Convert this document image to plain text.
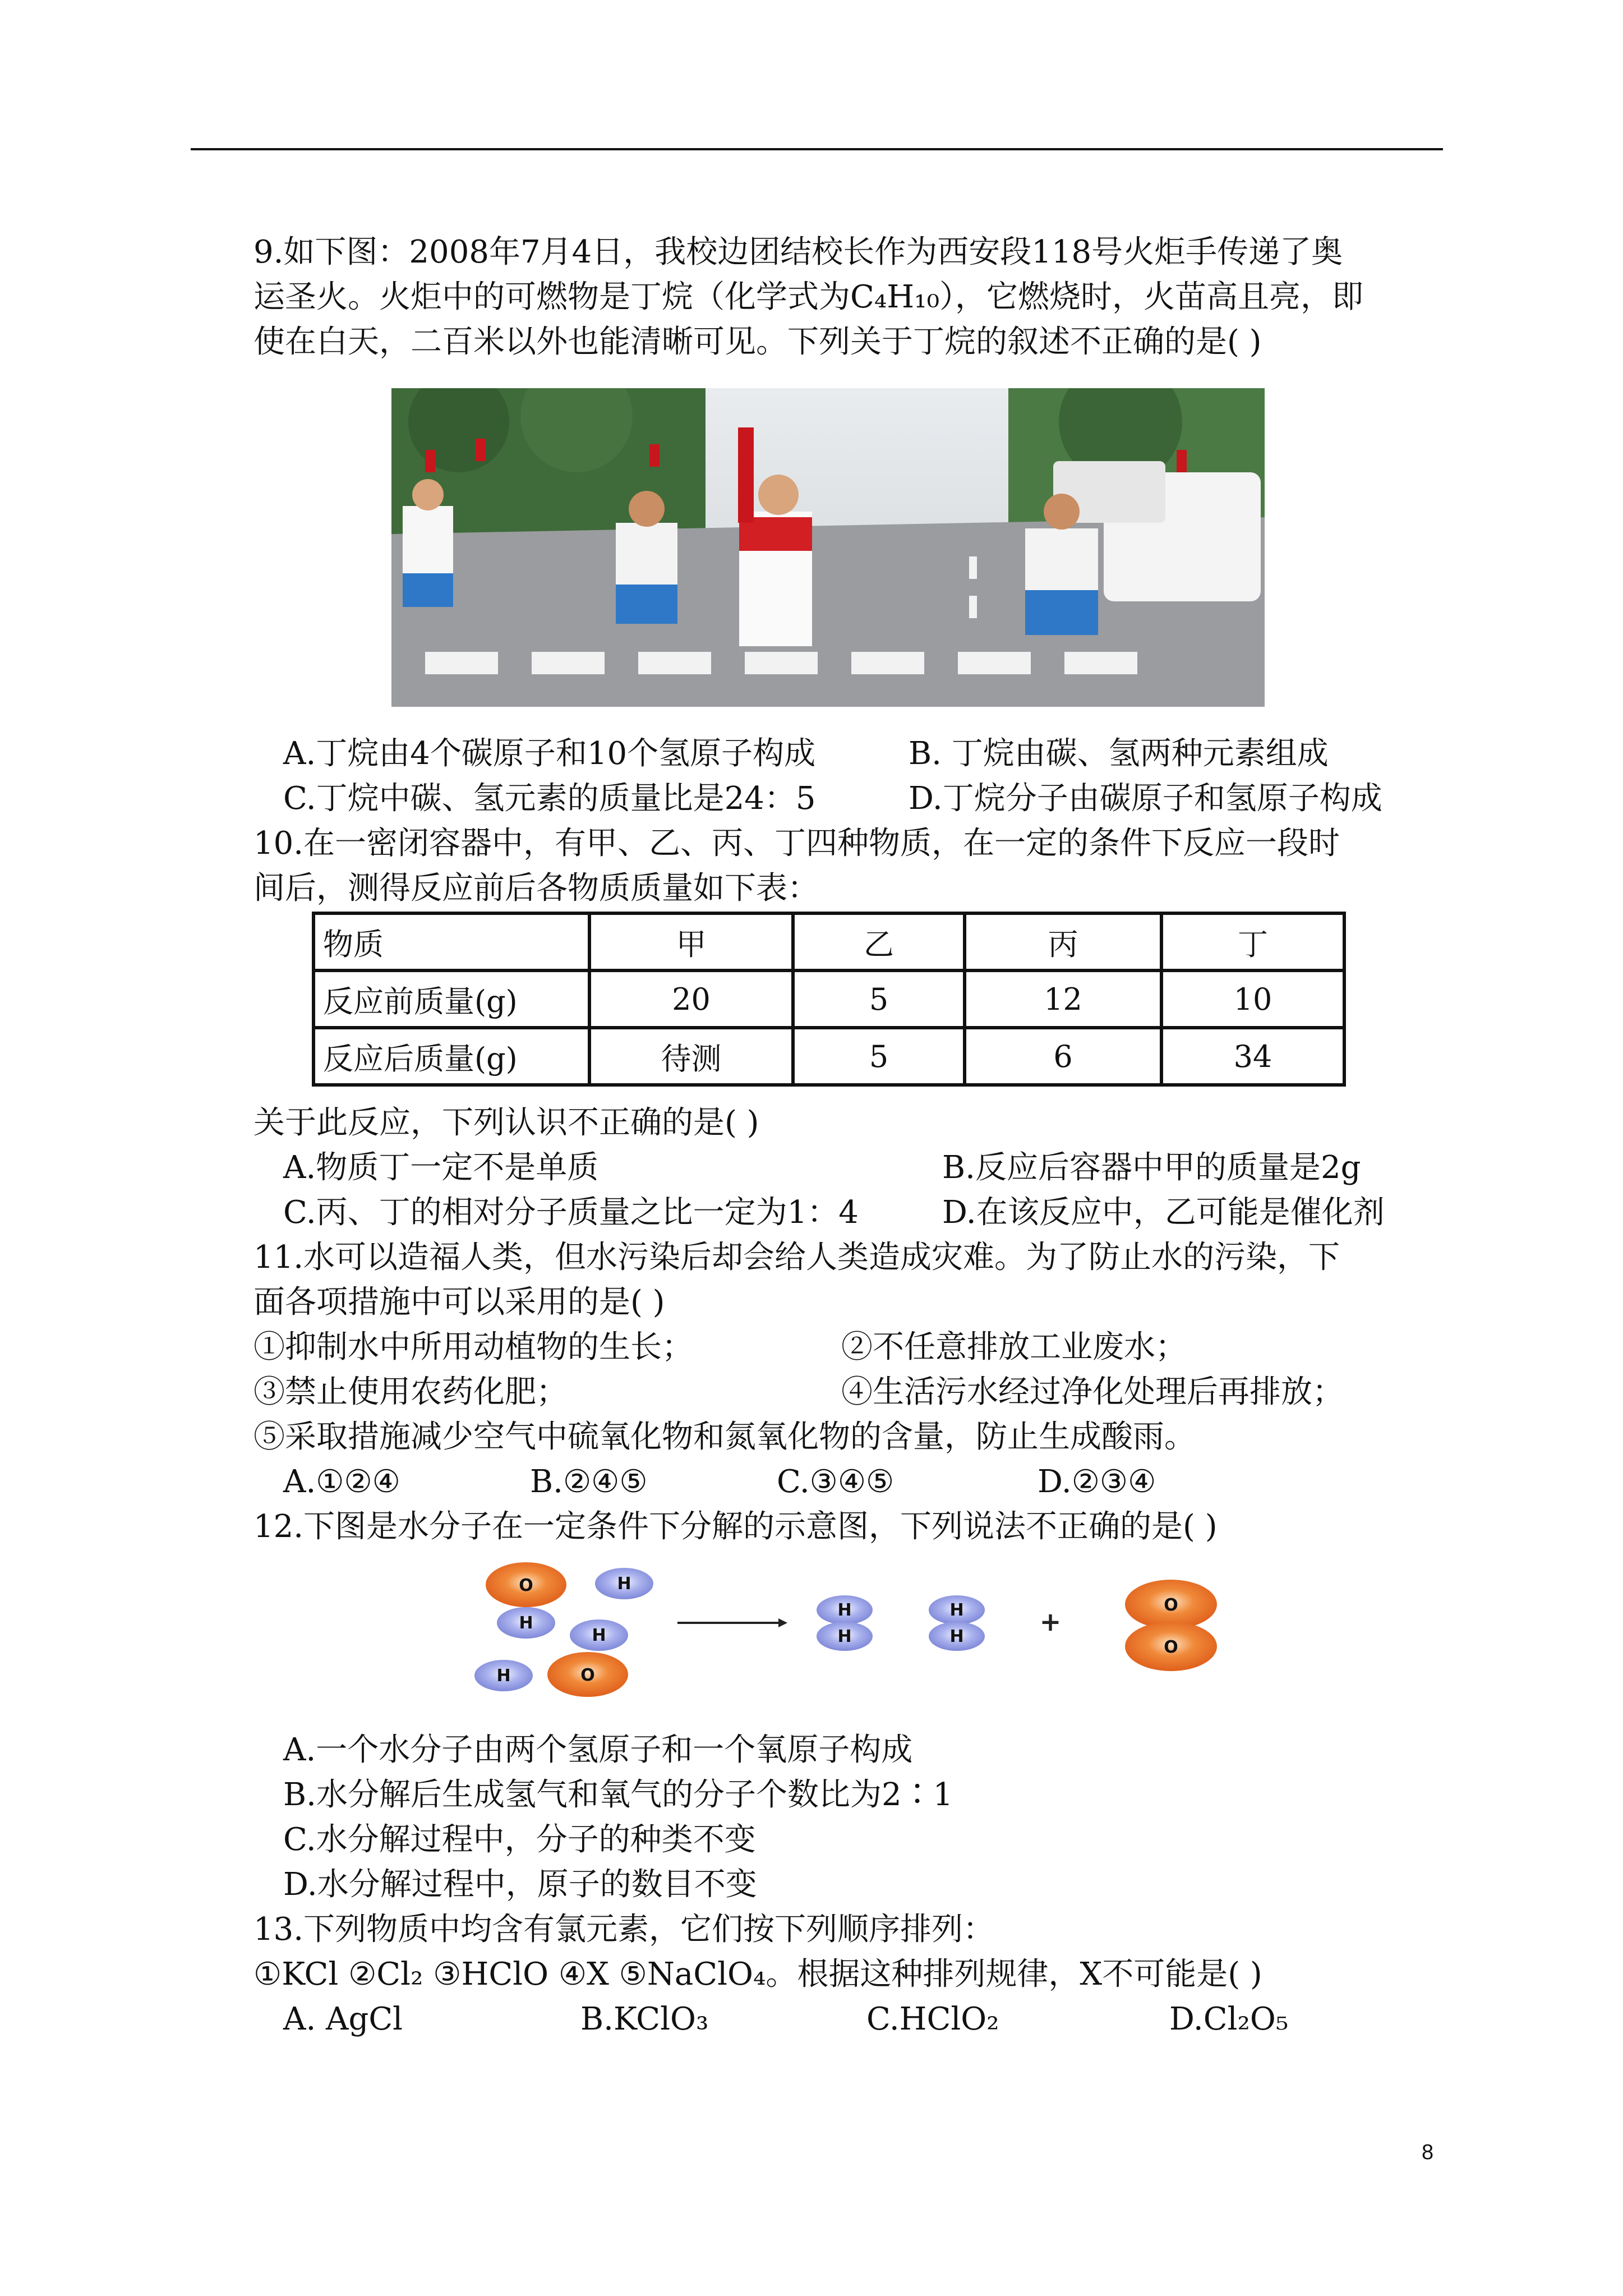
9.如下图：2008年7月4日，我校边团结校长作为西安段118号火炬手传递了奥
运圣火。火炬中的可燃物是丁烷（化学式为C₄H₁₀），它燃烧时，火苗高且亮，即
使在白天，二百米以外也能清晰可见。下列关于丁烷的叙述不正确的是( )
A.丁烷由4个碳原子和10个氢原子构成	B. 丁烷由碳、氢两种元素组成
C.丁烷中碳、氢元素的质量比是24：5	D.丁烷分子由碳原子和氢原子构成
10.在一密闭容器中，有甲、乙、丙、丁四种物质，在一定的条件下反应一段时
间后，测得反应前后各物质质量如下表：
物质	甲	乙	丙	丁
反应前质量(g)	20	5	12	10
反应后质量(g)	待测	5	6	34
关于此反应，下列认识不正确的是( )
A.物质丁一定不是单质	B.反应后容器中甲的质量是2g
C.丙、丁的相对分子质量之比一定为1：4	D.在该反应中，乙可能是催化剂
11.水可以造福人类，但水污染后却会给人类造成灾难。为了防止水的污染，下
面各项措施中可以采用的是( )
①抑制水中所用动植物的生长；	②不任意排放工业废水；
③禁止使用农药化肥；	④生活污水经过净化处理后再排放；
⑤采取措施减少空气中硫氧化物和氮氧化物的含量，防止生成酸雨。
A.①②④	B.②④⑤	C.③④⑤	D.②③④
12.下图是水分子在一定条件下分解的示意图，下列说法不正确的是( )
O	H
H
H
H	O
H
H
H
H	+
O
O
A.一个水分子由两个氢原子和一个氧原子构成
B.水分解后生成氢气和氧气的分子个数比为2∶1
C.水分解过程中，分子的种类不变
D.水分解过程中，原子的数目不变
13.下列物质中均含有氯元素，它们按下列顺序排列：
①KCl ②Cl₂ ③HClO ④X ⑤NaClO₄。根据这种排列规律，X不可能是( )
A. AgCl	B.KClO₃	C.HClO₂	D.Cl₂O₅
8
